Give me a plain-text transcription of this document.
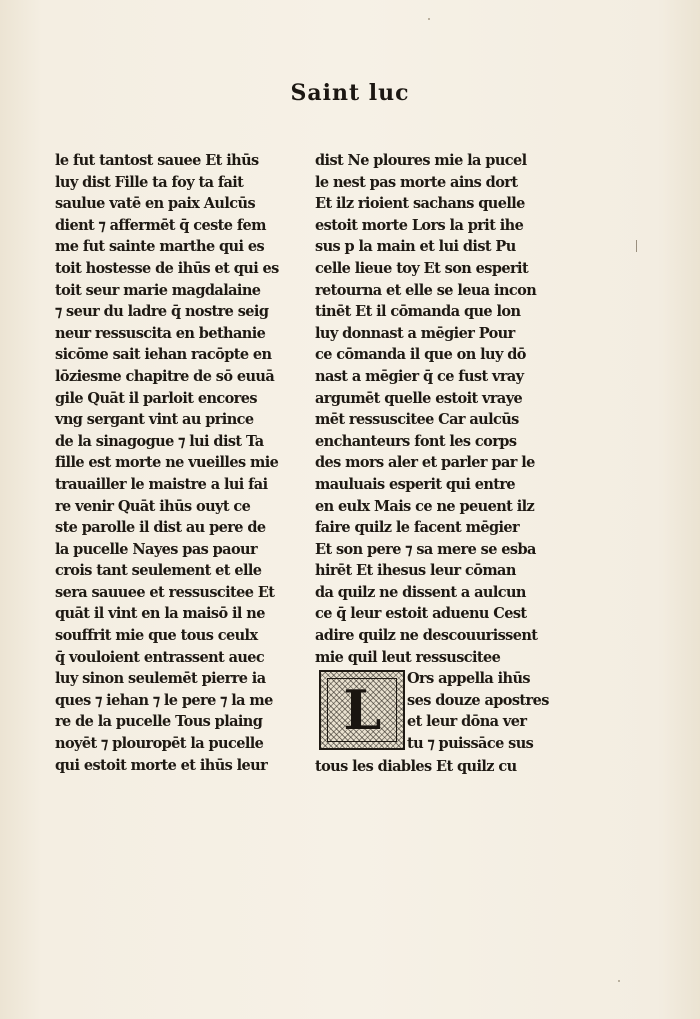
Saint luc
le fut tantost sauee Et ihūs
luy dist Fille ta foy ta fait
sauluе vatē en paix Aulcūs
dient ⁊ affermēt q̄ ceste fem
me fut sainte marthe qui es
toit hostesse de ihūs et qui es
toit seur marie magdalaine
⁊ seur du ladre q̄ nostre seig
neur ressuscita en bethanie
sicōme sait iehan racōpte en
lōziesme chapitre de sō euuā
gile Quāt il parloit encores
vng sergant vint au prince
de la sinagogue ⁊ lui dist Ta
fille est morte ne vueilles mie
trauailler le maistre a lui fai
re venir Quāt ihūs ouyt ce
ste parolle il dist au pere de
la pucelle Nayes pas paour
crois tant seulement et elle
sera sauuee et ressuscitee Et
quāt il vint en la maisō il ne
souffrit mie que tous ceulx
q̄ vouloient entrassent auec
luy sinon seulemēt pierre ia
ques ⁊ iehan ⁊ le pere ⁊ la me
re de la pucelle Tous plaing
noyēt ⁊ plouropēt la pucelle
qui estoit morte et ihūs leur
dist Ne ploures mie la pucel
le nest pas morte ains dort
Et ilz rioient sachans quelle
estoit morte Lors la prit ihe
sus p la main et lui dist Pu
celle lieue toy Et son esperit
retourna et elle se leua incon
tinēt Et il cōmanda que lon
luy donnast a mēgier Pour
ce cōmanda il que on luy dō
nast a mēgier q̄ ce fust vray
argumēt quelle estoit vraye
mēt ressuscitee Car aulcūs
enchanteurs font les corps
des mors aler et parler par le
mauluais esperit qui entre
en eulx Mais ce ne peuent ilz
faire quilz le facent mēgier
Et son pere ⁊ sa mere se esba
hirēt Et ihesus leur cōman
da quilz ne dissent a aulcun
ce q̄ leur estoit aduenu Cest
adire quilz ne descouurissent
mie quil leut ressuscitee
L Ors appella ihūs
ses douze apostres
et leur dōna ver
tu ⁊ puissāce sus
tous les diables Et quilz cu
